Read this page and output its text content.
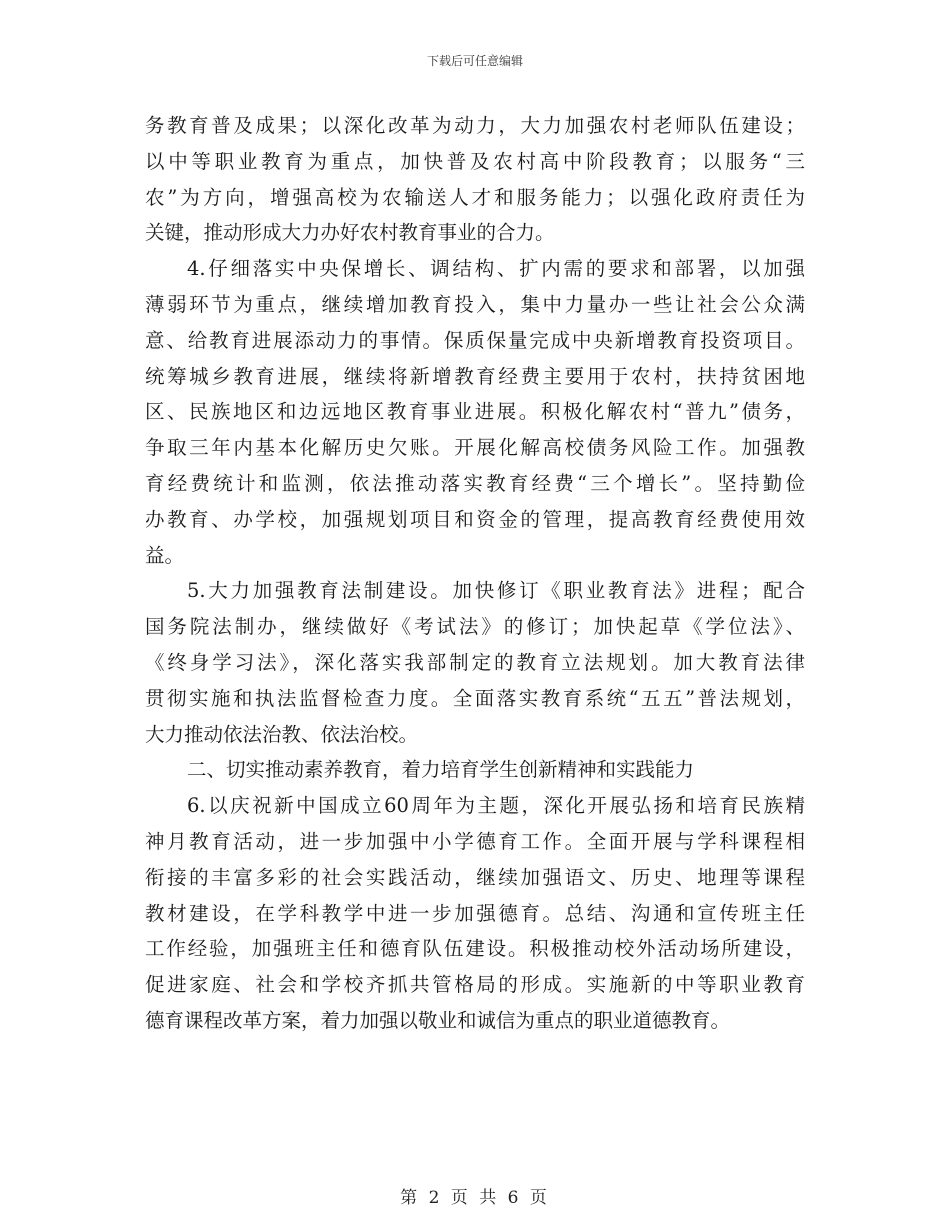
下载后可任意编辑
务教育普及成果；以深化改革为动力，大力加强农村老师队伍建设；
以中等职业教育为重点，加快普及农村高中阶段教育；以服务“三
农”为方向，增强高校为农输送人才和服务能力；以强化政府责任为
关键，推动形成大力办好农村教育事业的合力。
4.仔细落实中央保增长、调结构、扩内需的要求和部署，以加强
薄弱环节为重点，继续增加教育投入，集中力量办一些让社会公众满
意、给教育进展添动力的事情。保质保量完成中央新增教育投资项目。
统筹城乡教育进展，继续将新增教育经费主要用于农村，扶持贫困地
区、民族地区和边远地区教育事业进展。积极化解农村“普九”债务，
争取三年内基本化解历史欠账。开展化解高校债务风险工作。加强教
育经费统计和监测，依法推动落实教育经费“三个增长”。坚持勤俭
办教育、办学校，加强规划项目和资金的管理，提高教育经费使用效
益。
5.大力加强教育法制建设。加快修订《职业教育法》进程；配合
国务院法制办，继续做好《考试法》的修订；加快起草《学位法》、
《终身学习法》，深化落实我部制定的教育立法规划。加大教育法律
贯彻实施和执法监督检查力度。全面落实教育系统“五五”普法规划，
大力推动依法治教、依法治校。
二、切实推动素养教育，着力培育学生创新精神和实践能力
6.以庆祝新中国成立60周年为主题，深化开展弘扬和培育民族精
神月教育活动，进一步加强中小学德育工作。全面开展与学科课程相
衔接的丰富多彩的社会实践活动，继续加强语文、历史、地理等课程
教材建设，在学科教学中进一步加强德育。总结、沟通和宣传班主任
工作经验，加强班主任和德育队伍建设。积极推动校外活动场所建设，
促进家庭、社会和学校齐抓共管格局的形成。实施新的中等职业教育
德育课程改革方案，着力加强以敬业和诚信为重点的职业道德教育。
第 2 页 共 6 页
